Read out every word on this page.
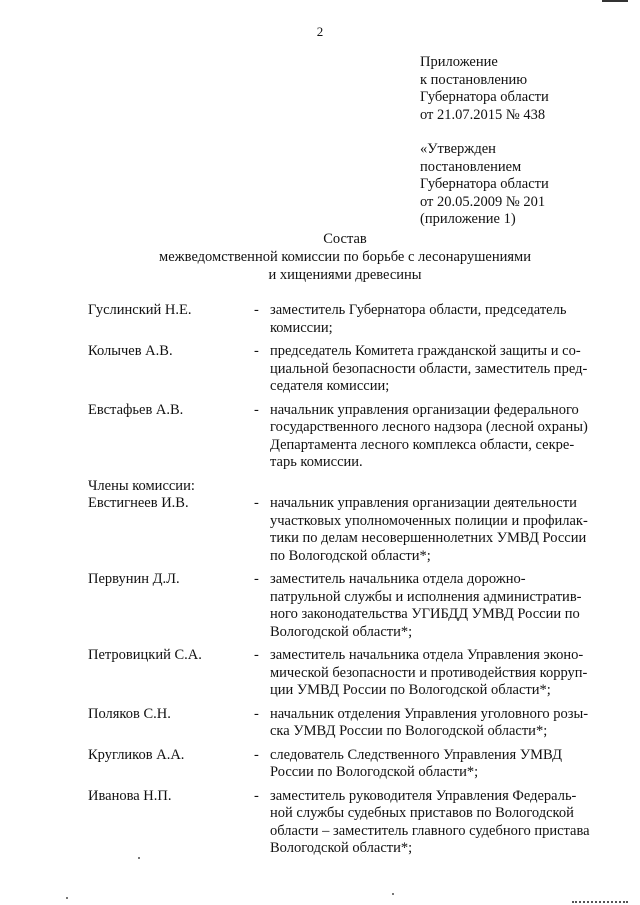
2
Приложение
к постановлению
Губернатора области
от 21.07.2015 № 438
«Утвержден
постановлением
Губернатора области
от 20.05.2009 № 201
(приложение 1)
Состав
межведомственной комиссии по борьбе с лесонарушениями
и хищениями древесины
Гуслинский Н.Е.	- заместитель Губернатора области, председатель
комиссии;
Колычев А.В.	- председатель Комитета гражданской защиты и со-
циальной безопасности области, заместитель пред-
седателя комиссии;
Евстафьев А.В.	- начальник управления организации федерального
государственного лесного надзора (лесной охраны)
Департамента лесного комплекса области, секре-
тарь комиссии.
Члены комиссии:
Евстигнеев И.В.	- начальник управления организации деятельности
участковых уполномоченных полиции и профилак-
тики по делам несовершеннолетних УМВД России
по Вологодской области*;
Первунин Д.Л.	- заместитель начальника отдела дорожно-
патрульной службы и исполнения административ-
ного законодательства УГИБДД УМВД России по
Вологодской области*;
Петровицкий С.А.	- заместитель начальника отдела Управления эконо-
мической безопасности и противодействия корруп-
ции УМВД России по Вологодской области*;
Поляков С.Н.	- начальник отделения Управления уголовного розы-
ска УМВД России по Вологодской области*;
Кругликов А.А.	- следователь Следственного Управления УМВД
России по Вологодской области*;
Иванова Н.П.	- заместитель руководителя Управления Федераль-
ной службы судебных приставов по Вологодской
области – заместитель главного судебного пристава
Вологодской области*;
